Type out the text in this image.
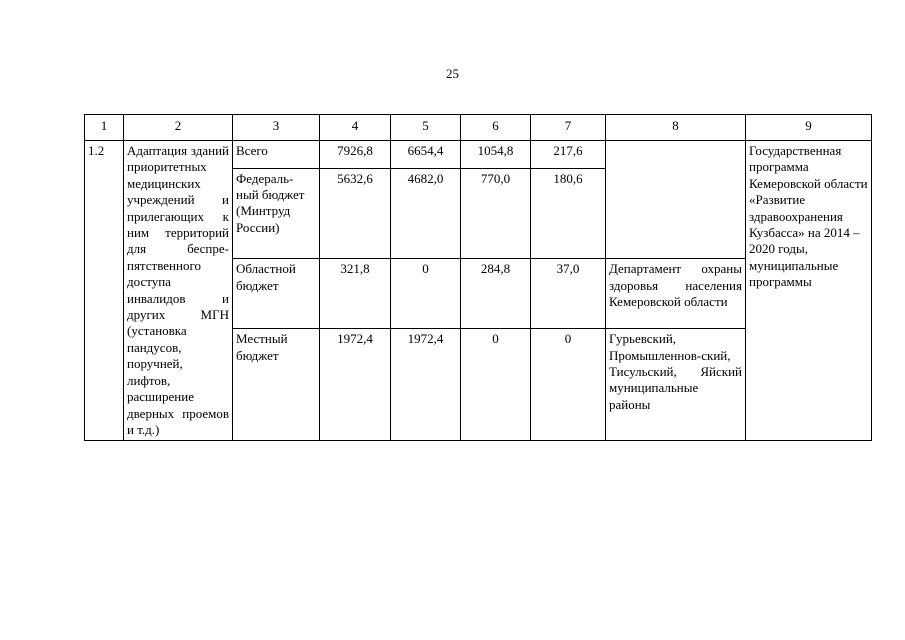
25
1	2	3	4	5	6	7	8	9
1.2	Адаптация зданий приоритетных медицинских учреждений и прилегающих к ним территорий для беспре-пятственного доступа инвалидов и других МГН (установка пандусов, поручней, лифтов, расширение дверных проемов и т.д.)	Всего	7926,8	6654,4	1054,8	217,6		Государственная программа Кемеровской области «Развитие здравоохранения Кузбасса» на 2014 – 2020 годы, муниципальные программы
		Федераль-ный бюджет (Минтруд России)	5632,6	4682,0	770,0	180,6		
		Областной бюджет	321,8	0	284,8	37,0	Департамент охраны здоровья населения Кемеровской области	
		Местный бюджет	1972,4	1972,4	0	0	Гурьевский, Промышленнов-ский, Тисульский, Яйский муниципальные районы	
